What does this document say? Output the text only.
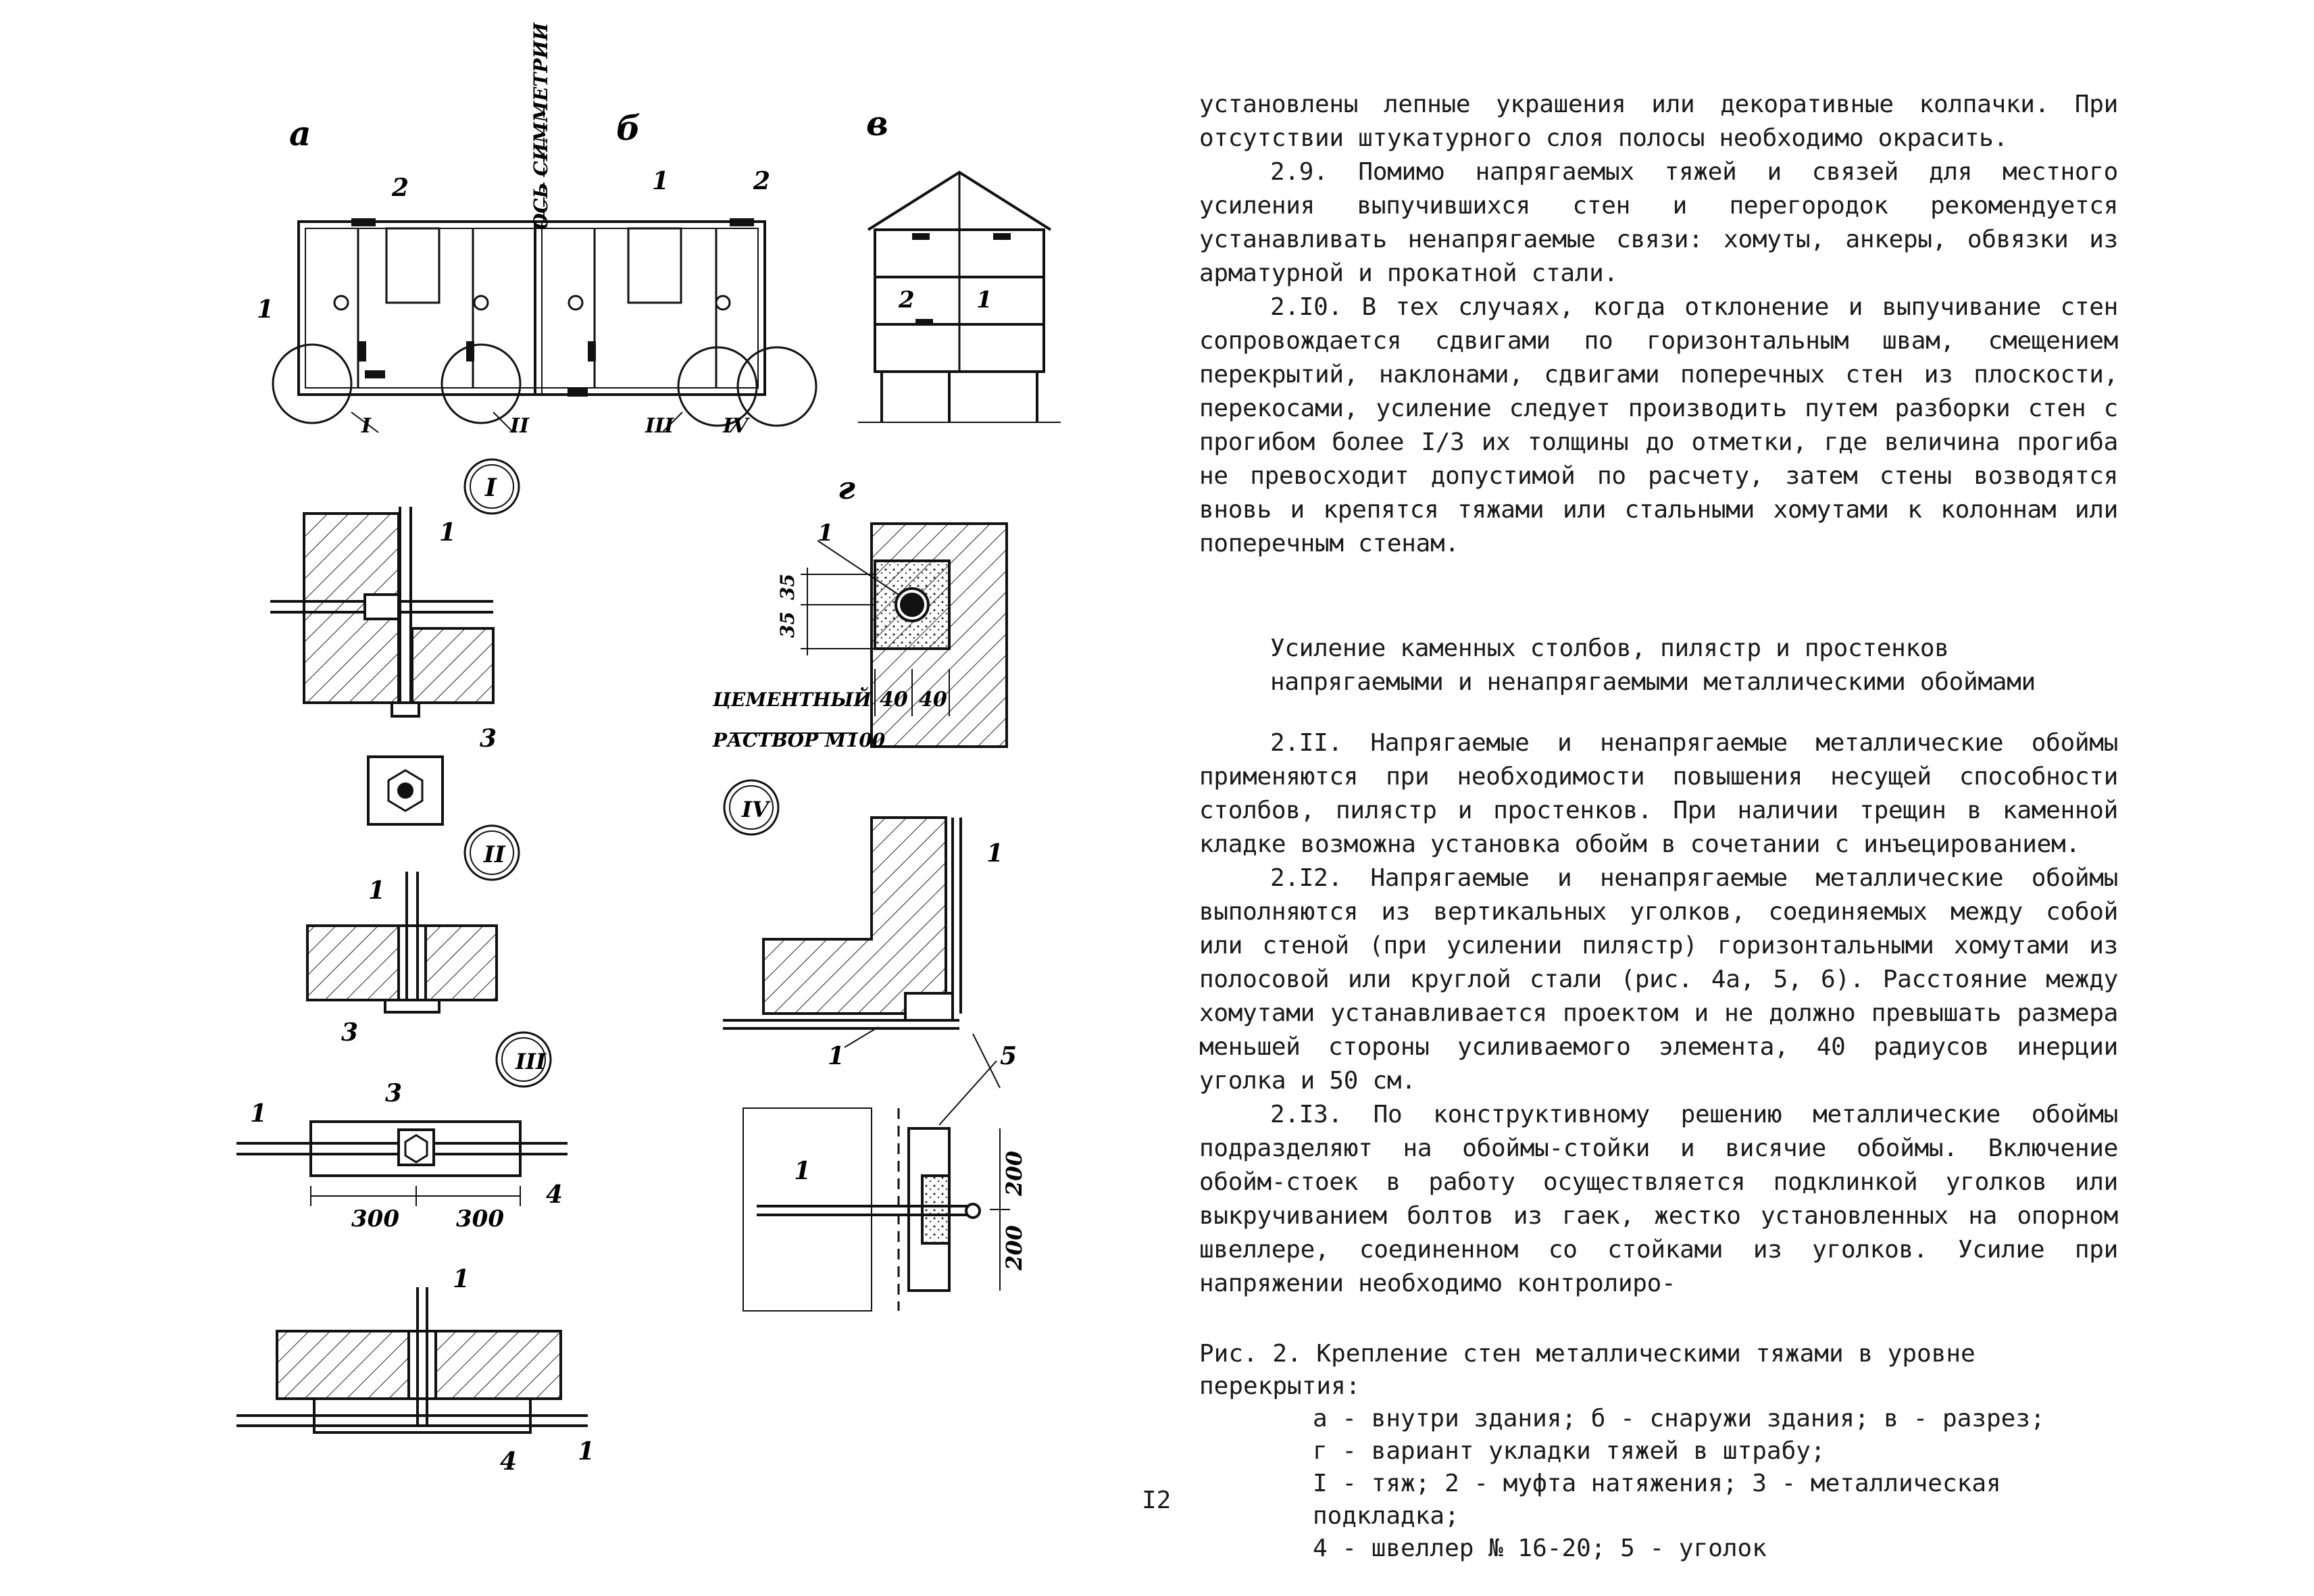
а	б	в
г
ОСЬ СИММЕТРИИ
1
2	1	2
I	II	III IV
2	1
I
1
3
II
1
3
III
1
3
4
300 300
1
4 1
1
35
35
40 40
ЦЕМЕНТНЫЙ
РАСТВОР М100
IV
1
1	5
1	200
200

установлены лепные украшения или декоративные колпачки. При отсутствии штукатурного слоя полосы необходимо окрасить.

2.9. Помимо напрягаемых тяжей и связей для местного усиления выпучившихся стен и перегородок рекомендуется устанавливать ненапрягаемые связи: хомуты, анкеры, обвязки из арматурной и прокатной стали.

2.I0. В тех случаях, когда отклонение и выпучивание стен сопровождается сдвигами по горизонтальным швам, смещением перекрытий, наклонами, сдвигами поперечных стен из плоскости, перекосами, усиление следует производить путем разборки стен с прогибом более I/3 их толщины до отметки, где величина прогиба не превосходит допустимой по расчету, затем стены возводятся вновь и крепятся тяжами или стальными хомутами к колоннам или поперечным стенам.

Усиление каменных столбов, пилястр и простенков напрягаемыми и ненапрягаемыми металлическими обоймами

2.II. Напрягаемые и ненапрягаемые металлические обоймы применяются при необходимости повышения несущей способности столбов, пилястр и простенков. При наличии трещин в каменной кладке возможна установка обойм в сочетании с инъецированием.

2.I2. Напрягаемые и ненапрягаемые металлические обоймы выполняются из вертикальных уголков, соединяемых между собой или стеной (при усилении пилястр) горизонтальными хомутами из полосовой или круглой стали (рис. 4а, 5, 6). Расстояние между хомутами устанавливается проектом и не должно превышать размера меньшей стороны усиливаемого элемента, 40 радиусов инерции уголка и 50 см.

2.I3. По конструктивному решению металлические обоймы подразделяют на обоймы-стойки и висячие обоймы. Включение обойм-стоек в работу осуществляется подклинкой уголков или выкручиванием болтов из гаек, жестко установленных на опорном швеллере, соединенном со стойками из уголков. Усилие при напряжении необходимо контролиро-

Рис. 2. Крепление стен металлическими тяжами в уровне перекрытия:
а - внутри здания; б - снаружи здания; в - разрез;
г - вариант укладки тяжей в штрабу;
I - тяж; 2 - муфта натяжения; 3 - металлическая подкладка;
4 - швеллер № 16-20; 5 - уголок
I2
